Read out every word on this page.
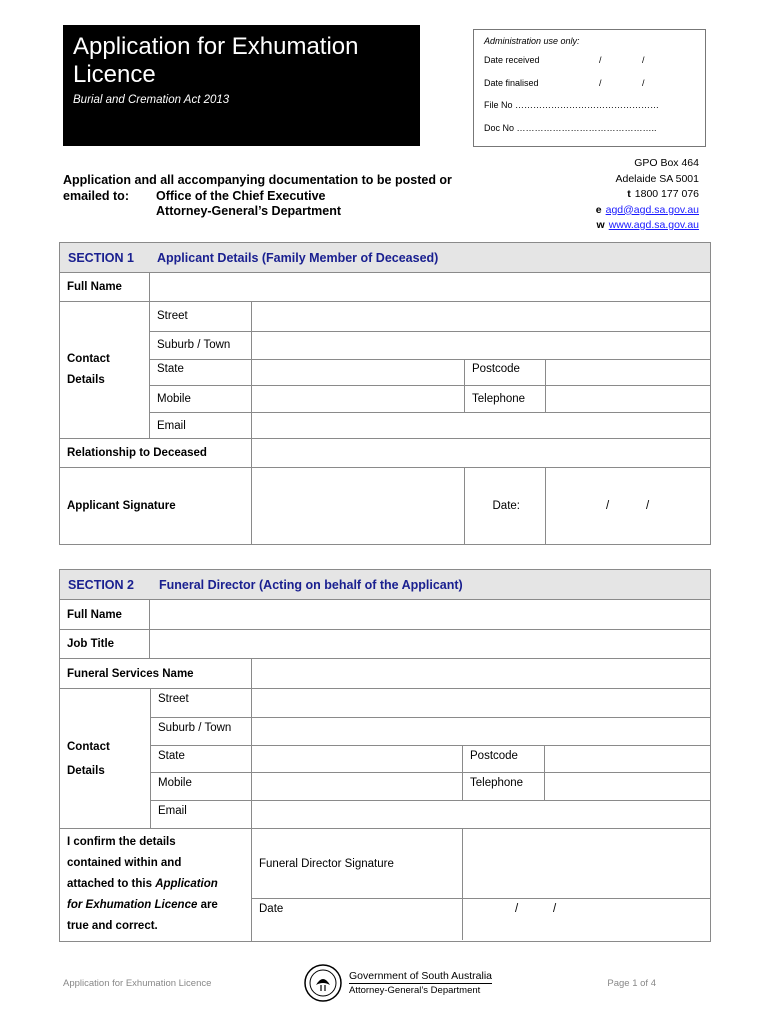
Application for Exhumation Licence
Burial and Cremation Act 2013
Administration use only:
Date received	/	/
Date finalised	/	/
File No …………………………………………
Doc No ………………………………………..
Application and all accompanying documentation to be posted or
emailed to: Office of the Chief Executive
Attorney-General’s Department
GPO Box 464
Adelaide SA 5001
t 1800 177 076
e agd@agd.sa.gov.au
w www.agd.sa.gov.au
SECTION 1	Applicant Details (Family Member of Deceased)
Full Name
Contact
Details
Street
Suburb / Town
State	Postcode
Mobile	Telephone
Email
Relationship to Deceased
Applicant Signature	Date:	/	/
SECTION 2	Funeral Director (Acting on behalf of the Applicant)
Full Name
Job Title
Funeral Services Name
Contact
Details
Street
Suburb / Town
State	Postcode
Mobile	Telephone
Email
I confirm the details
contained within and
attached to this Application
for Exhumation Licence are
true and correct.
Funeral Director Signature
Date	/	/
Application for Exhumation Licence
Government of South Australia
Attorney-General’s Department
Page 1 of 4
